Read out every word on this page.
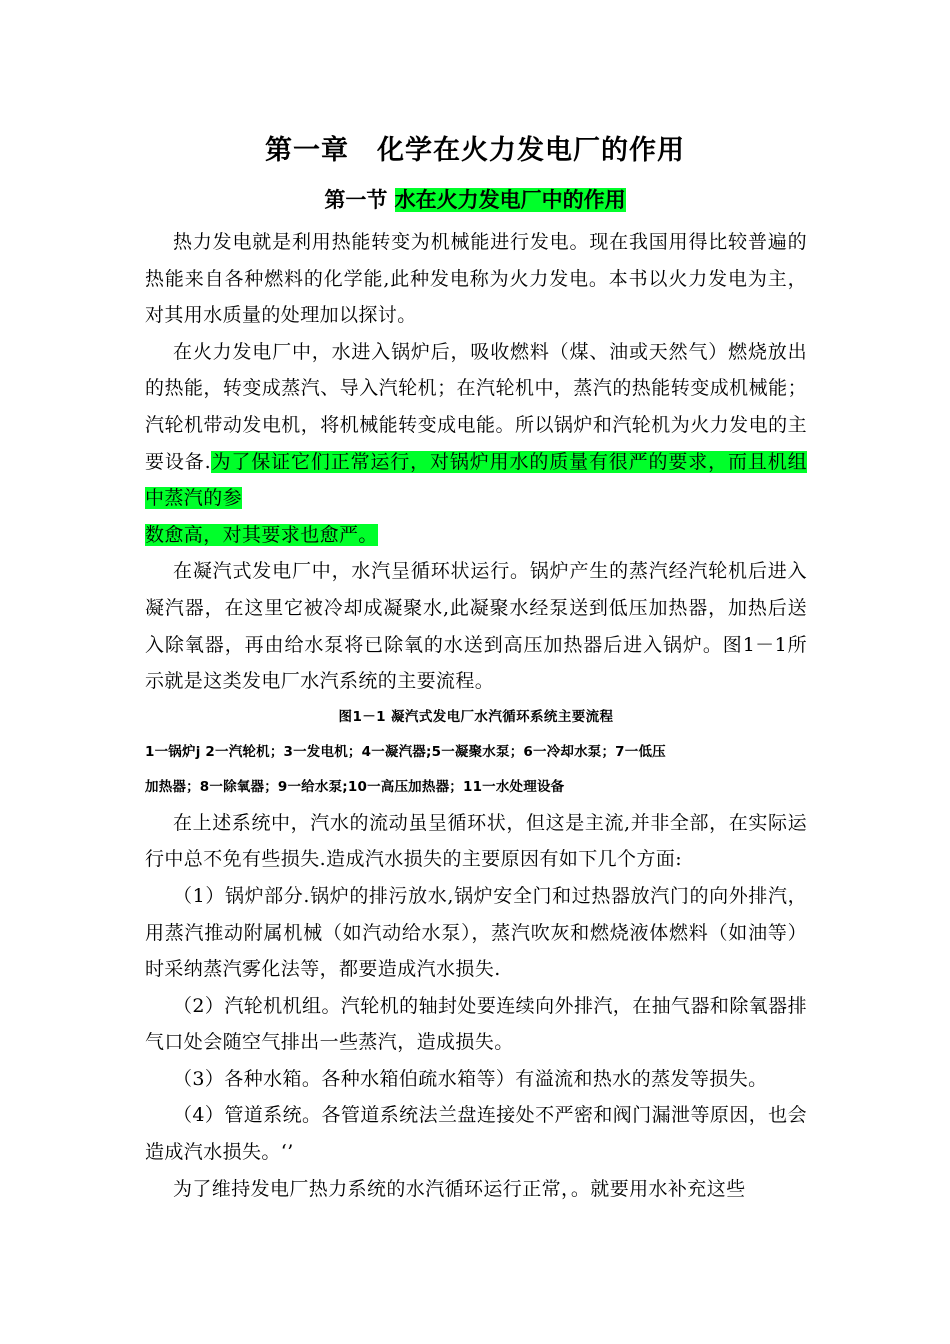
第一章　化学在火力发电厂的作用
第一节 水在火力发电厂中的作用

热力发电就是利用热能转变为机械能进行发电。现在我国用得比较普遍的热能来自各种燃料的化学能,此种发电称为火力发电。本书以火力发电为主，对其用水质量的处理加以探讨。

在火力发电厂中，水进入锅炉后，吸收燃料（煤、油或天然气）燃烧放出的热能，转变成蒸汽、导入汽轮机；在汽轮机中，蒸汽的热能转变成机械能；汽轮机带动发电机，将机械能转变成电能。所以锅炉和汽轮机为火力发电的主要设备.为了保证它们正常运行，对锅炉用水的质量有很严的要求，而且机组中蒸汽的参

数愈高，对其要求也愈严。

在凝汽式发电厂中，水汽呈循环状运行。锅炉产生的蒸汽经汽轮机后进入凝汽器，在这里它被冷却成凝聚水,此凝聚水经泵送到低压加热器，加热后送入除氧器，再由给水泵将已除氧的水送到高压加热器后进入锅炉。图1－1所示就是这类发电厂水汽系统的主要流程。

图1－1 凝汽式发电厂水汽循环系统主要流程

1一锅炉j 2一汽轮机；3一发电机；4一凝汽器;5一凝聚水泵；6一冷却水泵；7一低压

加热器；8一除氧器；9一给水泵;10一高压加热器；11一水处理设备

在上述系统中，汽水的流动虽呈循环状，但这是主流,并非全部，在实际运行中总不免有些损失.造成汽水损失的主要原因有如下几个方面:

（1）锅炉部分.锅炉的排污放水,锅炉安全门和过热器放汽门的向外排汽，用蒸汽推动附属机械（如汽动给水泵），蒸汽吹灰和燃烧液体燃料（如油等）时采纳蒸汽雾化法等，都要造成汽水损失.

（2）汽轮机机组。汽轮机的轴封处要连续向外排汽，在抽气器和除氧器排气口处会随空气排出一些蒸汽，造成损失。

（3）各种水箱。各种水箱伯疏水箱等）有溢流和热水的蒸发等损失。

（4）管道系统。各管道系统法兰盘连接处不严密和阀门漏泄等原因，也会造成汽水损失。‘’

为了维持发电厂热力系统的水汽循环运行正常，。就要用水补充这些
